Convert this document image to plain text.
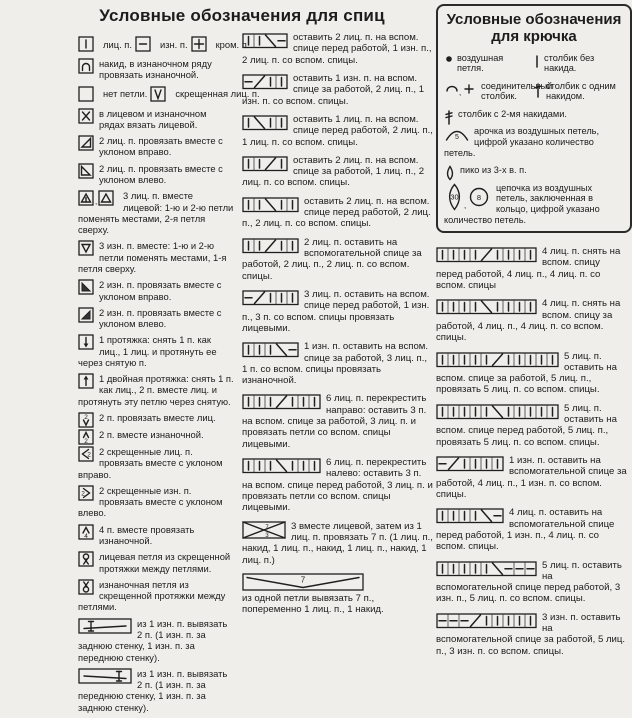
Условные обозначения для спиц
лиц. п.	изн. п.	кром. п.
накид, в изнаночном ряду провязать изнаночной.
нет петли.	скрещенная лиц. п.
в лицевом и изнаночном рядах вязать лицевой.
2 лиц. п. провязать вместе с уклоном вправо.
2 лиц. п. провязать вместе с уклоном влево.
,
3 лиц. п. вместе лицевой: 1-ю и 2-ю петли поменять местами, 2-я петля сверху.
3 изн. п. вместе: 1-ю и 2-ю петли поменять местами, 1-я петля сверху.
2 изн. п. провязать вместе с уклоном вправо.
2 изн. п. провязать вместе с уклоном влево.
1 протяжка: снять 1 п. как лиц., 1 лиц. и протянуть ее через снятую п.
1 двойная протяжка: снять 1 п. как лиц., 2 п. вместе лиц. и протянуть эту петлю через снятую.
2 2 п. провязать вместе лиц.
2
2 п. вместе изнаночной.
2 2 скрещенные лиц. п. провязать вместе с уклоном вправо.
2 2 скрещенные изн. п. провязать вместе с уклоном влево.
4
4 п. вместе провязать изнаночной.
лицевая петля из скрещенной протяжки между петлями.
изнаночная петля из скрещенной протяжки между петлями.
из 1 изн. п. вывязать 2 п. (1 изн. п. за заднюю стенку, 1 изн. п. за переднюю стенку).
из 1 изн. п. вывязать 2 п. (1 изн. п. за переднюю стенку, 1 изн. п. за заднюю стенку).
оставить 2 лиц. п. на вспом. спице перед работой, 1 изн. п., 2 лиц. п. со вспом. спицы.
оставить 1 изн. п. на вспом. спице за работой, 2 лиц. п., 1 изн. п. со вспом. спицы.
оставить 1 лиц. п. на вспом. спице перед работой, 2 лиц. п., 1 лиц. п. со вспом. спицы.
оставить 2 лиц. п. на вспом. спице за работой, 1 лиц. п., 2 лиц. п. со вспом. спицы.
оставить 2 лиц. п. на вспом. спице перед работой, 2 лиц. п., 2 лиц. п. со вспом. спицы.
2 лиц. п. оставить на вспомогательной спице за работой, 2 лиц. п., 2 лиц. п. со вспом. спицы.
3 лиц. п. оставить на вспом. спице перед работой, 1 изн. п., 3 п. со вспом. спицы провязать лицевыми.
1 изн. п. оставить на вспом. спице за работой, 3 лиц. п., 1 п. со вспом. спицы провязать изнаночной.
6 лиц. п. перекрестить направо: оставить 3 п. на вспом. спице за работой, 3 лиц. п. и провязать петли со вспом. спицы лицевыми.
6 лиц. п. перекрестить налево: оставить 3 п. на вспом. спице перед работой, 3 лиц. п. и провязать петли со вспом. спицы лицевыми.
7
3
3 вместе лицевой, затем из 1 лиц. п. провязать 7 п. (1 лиц. п., накид, 1 лиц. п., накид, 1 лиц. п., накид, 1 лиц. п.)
7
из одной петли вывязать 7 п., попеременно 1 лиц. п., 1 накид.
Условные обозначения для крючка
воздушная петля.
столбик без накида.
,
соединительный столбик.
столбик с одним накидом.
столбик с 2-мя накидами.
5
арочка из воздушных петель, цифрой указано количество петель.
пико из 3-х в. п.
30
,
8
цепочка из воздушных петель, заключенная в кольцо, цифрой указано количество петель.
4 лиц. п. снять на вспом. спицу перед работой, 4 лиц. п., 4 лиц. п. со вспом. спицы
4 лиц. п. снять на вспом. спицу за работой, 4 лиц. п., 4 лиц. п. со вспом. спицы.
5 лиц. п. оставить на вспом. спице за работой, 5 лиц. п., провязать 5 лиц. п. со вспом. спицы.
5 лиц. п. оставить на вспом. спице перед работой, 5 лиц. п., провязать 5 лиц. п. со вспом. спицы.
1 изн. п. оставить на вспомогательной спице за работой, 4 лиц. п., 1 изн. п. со вспом. спицы.
4 лиц. п. оставить на вспомогательной спице перед работой, 1 изн. п., 4 лиц. п. со вспом. спицы.
5 лиц. п. оставить на вспомогательной спице перед работой, 3 изн. п., 5 лиц. п. со вспом. спицы.
3 изн. п. оставить на вспомогательной спице за работой, 5 лиц. п., 3 изн. п. со вспом. спицы.
